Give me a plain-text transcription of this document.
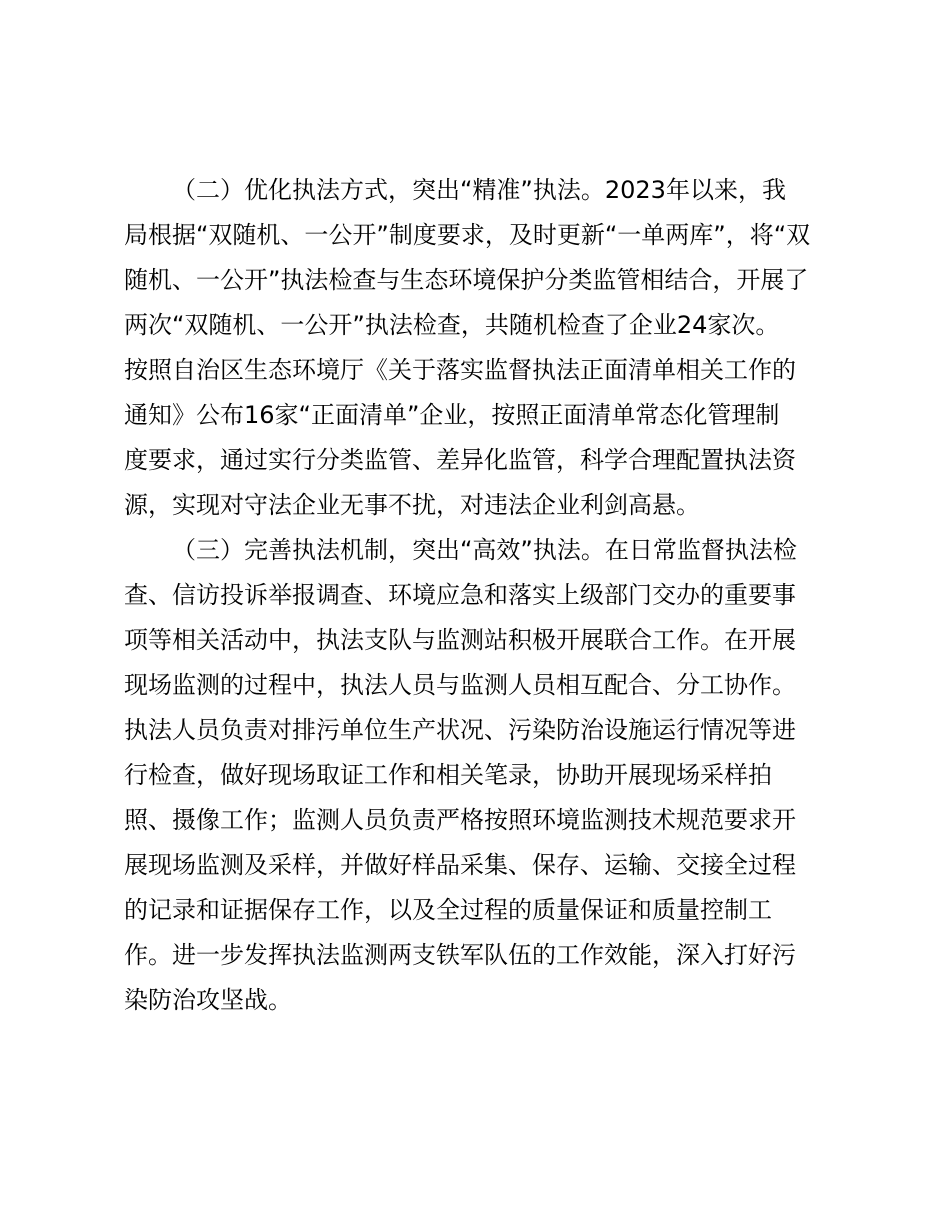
（二）优化执法方式，突出“精准”执法。2023年以来，我
局根据“双随机、一公开”制度要求，及时更新“一单两库”，将“双
随机、一公开”执法检查与生态环境保护分类监管相结合，开展了
两次“双随机、一公开”执法检查，共随机检查了企业24家次。
按照自治区生态环境厅《关于落实监督执法正面清单相关工作的
通知》公布16家“正面清单”企业，按照正面清单常态化管理制
度要求，通过实行分类监管、差异化监管，科学合理配置执法资
源，实现对守法企业无事不扰，对违法企业利剑高悬。
（三）完善执法机制，突出“高效”执法。在日常监督执法检
查、信访投诉举报调查、环境应急和落实上级部门交办的重要事
项等相关活动中，执法支队与监测站积极开展联合工作。在开展
现场监测的过程中，执法人员与监测人员相互配合、分工协作。
执法人员负责对排污单位生产状况、污染防治设施运行情况等进
行检查，做好现场取证工作和相关笔录，协助开展现场采样拍
照、摄像工作；监测人员负责严格按照环境监测技术规范要求开
展现场监测及采样，并做好样品采集、保存、运输、交接全过程
的记录和证据保存工作，以及全过程的质量保证和质量控制工
作。进一步发挥执法监测两支铁军队伍的工作效能，深入打好污
染防治攻坚战。
